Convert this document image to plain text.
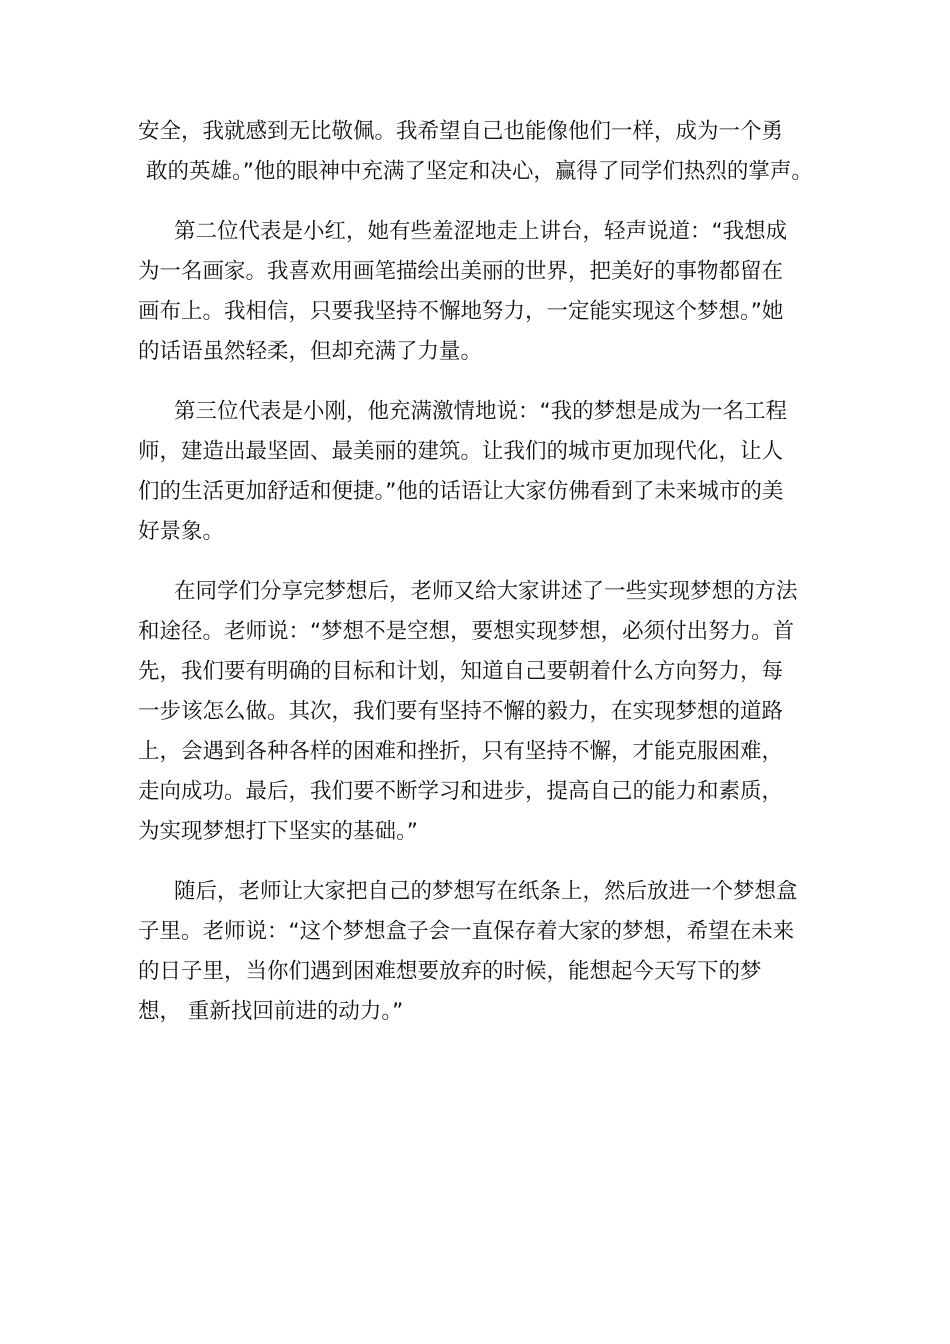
安全，我就感到无比敬佩。我希望自己也能像他们一样，成为一个勇
敢的英雄。”他的眼神中充满了坚定和决心，赢得了同学们热烈的掌声。

第二位代表是小红，她有些羞涩地走上讲台，轻声说道：“我想成
为一名画家。我喜欢用画笔描绘出美丽的世界，把美好的事物都留在
画布上。我相信，只要我坚持不懈地努力，一定能实现这个梦想。”她
的话语虽然轻柔，但却充满了力量。

第三位代表是小刚，他充满激情地说：“我的梦想是成为一名工程
师，建造出最坚固、最美丽的建筑。让我们的城市更加现代化，让人
们的生活更加舒适和便捷。”他的话语让大家仿佛看到了未来城市的美
好景象。

在同学们分享完梦想后，老师又给大家讲述了一些实现梦想的方法
和途径。老师说：“梦想不是空想，要想实现梦想，必须付出努力。首
先，我们要有明确的目标和计划，知道自己要朝着什么方向努力，每
一步该怎么做。其次，我们要有坚持不懈的毅力，在实现梦想的道路
上，会遇到各种各样的困难和挫折，只有坚持不懈，才能克服困难，
走向成功。最后，我们要不断学习和进步，提高自己的能力和素质，
为实现梦想打下坚实的基础。”

随后，老师让大家把自己的梦想写在纸条上，然后放进一个梦想盒
子里。老师说：“这个梦想盒子会一直保存着大家的梦想，希望在未来
的日子里，当你们遇到困难想要放弃的时候，能想起今天写下的梦
想， 重新找回前进的动力。”
